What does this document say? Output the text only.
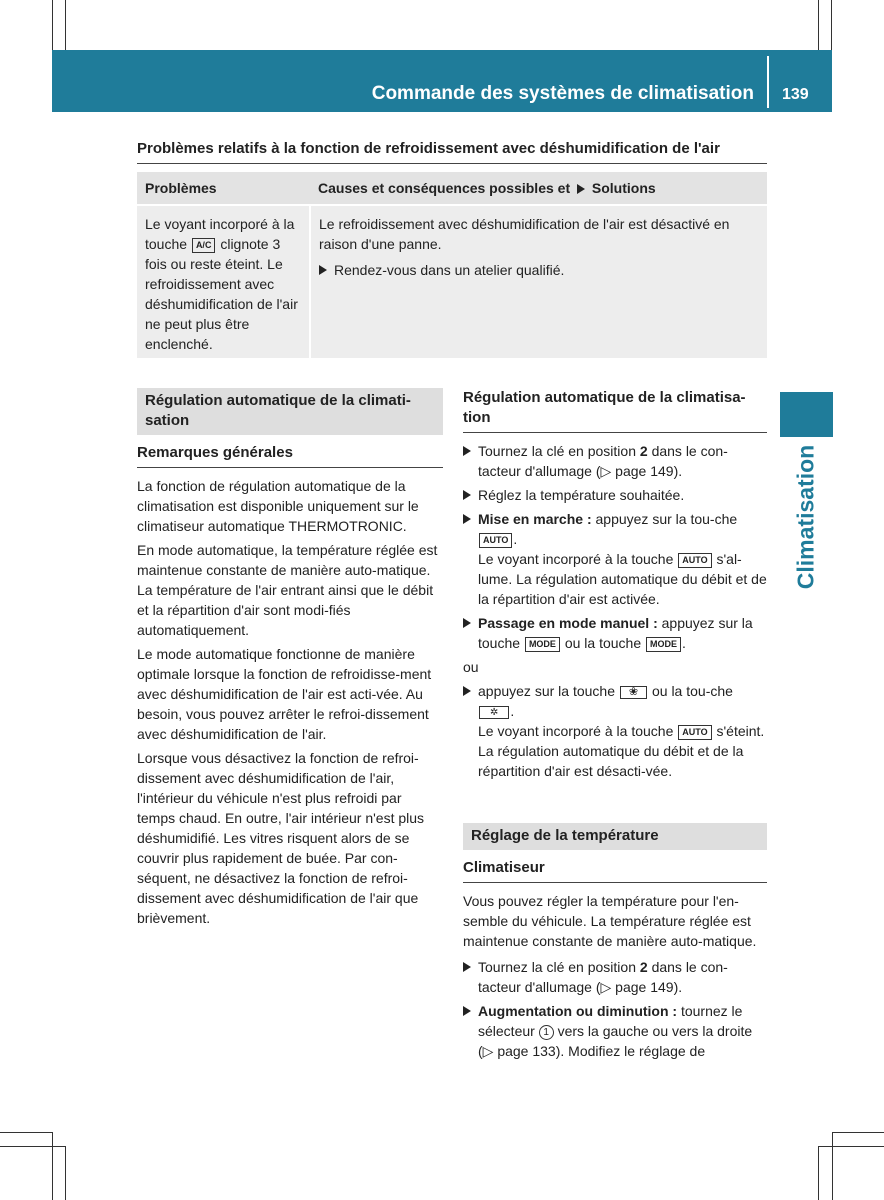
Commande des systèmes de climatisation 139
Climatisation
Problèmes relatifs à la fonction de refroidissement avec déshumidification de l'air
Problèmes	Causes et conséquences possibles et Solutions
Le voyant incorporé à la touche A/C clignote 3 fois ou reste éteint. Le refroidissement avec déshumidification de l'air ne peut plus être enclenché.	Le refroidissement avec déshumidification de l'air est désactivé en raison d'une panne.

Rendez-vous dans un atelier qualifié.
Régulation automatique de la climati-sation
Remarques générales

La fonction de régulation automatique de la climatisation est disponible uniquement sur le climatiseur automatique THERMOTRONIC.

En mode automatique, la température réglée est maintenue constante de manière auto-matique. La température de l'air entrant ainsi que le débit et la répartition d'air sont modi-fiés automatiquement.

Le mode automatique fonctionne de manière optimale lorsque la fonction de refroidisse-ment avec déshumidification de l'air est acti-vée. Au besoin, vous pouvez arrêter le refroi-dissement avec déshumidification de l'air.

Lorsque vous désactivez la fonction de refroi-dissement avec déshumidification de l'air, l'intérieur du véhicule n'est plus refroidi par temps chaud. En outre, l'air intérieur n'est plus déshumidifié. Les vitres risquent alors de se couvrir plus rapidement de buée. Par con-séquent, ne désactivez la fonction de refroi-dissement avec déshumidification de l'air que brièvement.

Régulation automatique de la climatisa-tion
Tournez la clé en position 2 dans le con-tacteur d'allumage (▷ page 149).
Réglez la température souhaitée.
Mise en marche : appuyez sur la tou-che AUTO .
Le voyant incorporé à la touche AUTO s'al-lume. La régulation automatique du débit et de la répartition d'air est activée.
Passage en mode manuel : appuyez sur la touche MODE ou la touche MODE .

ou

appuyez sur la touche ❀ ou la tou-che ✲ .
Le voyant incorporé à la touche AUTO s'éteint. La régulation automatique du débit et de la répartition d'air est désacti-vée.
Réglage de la température
Climatiseur

Vous pouvez régler la température pour l'en-semble du véhicule. La température réglée est maintenue constante de manière auto-matique.

Tournez la clé en position 2 dans le con-tacteur d'allumage (▷ page 149).
Augmentation ou diminution : tournez le sélecteur 1 vers la gauche ou vers la droite (▷ page 133). Modifiez le réglage de
